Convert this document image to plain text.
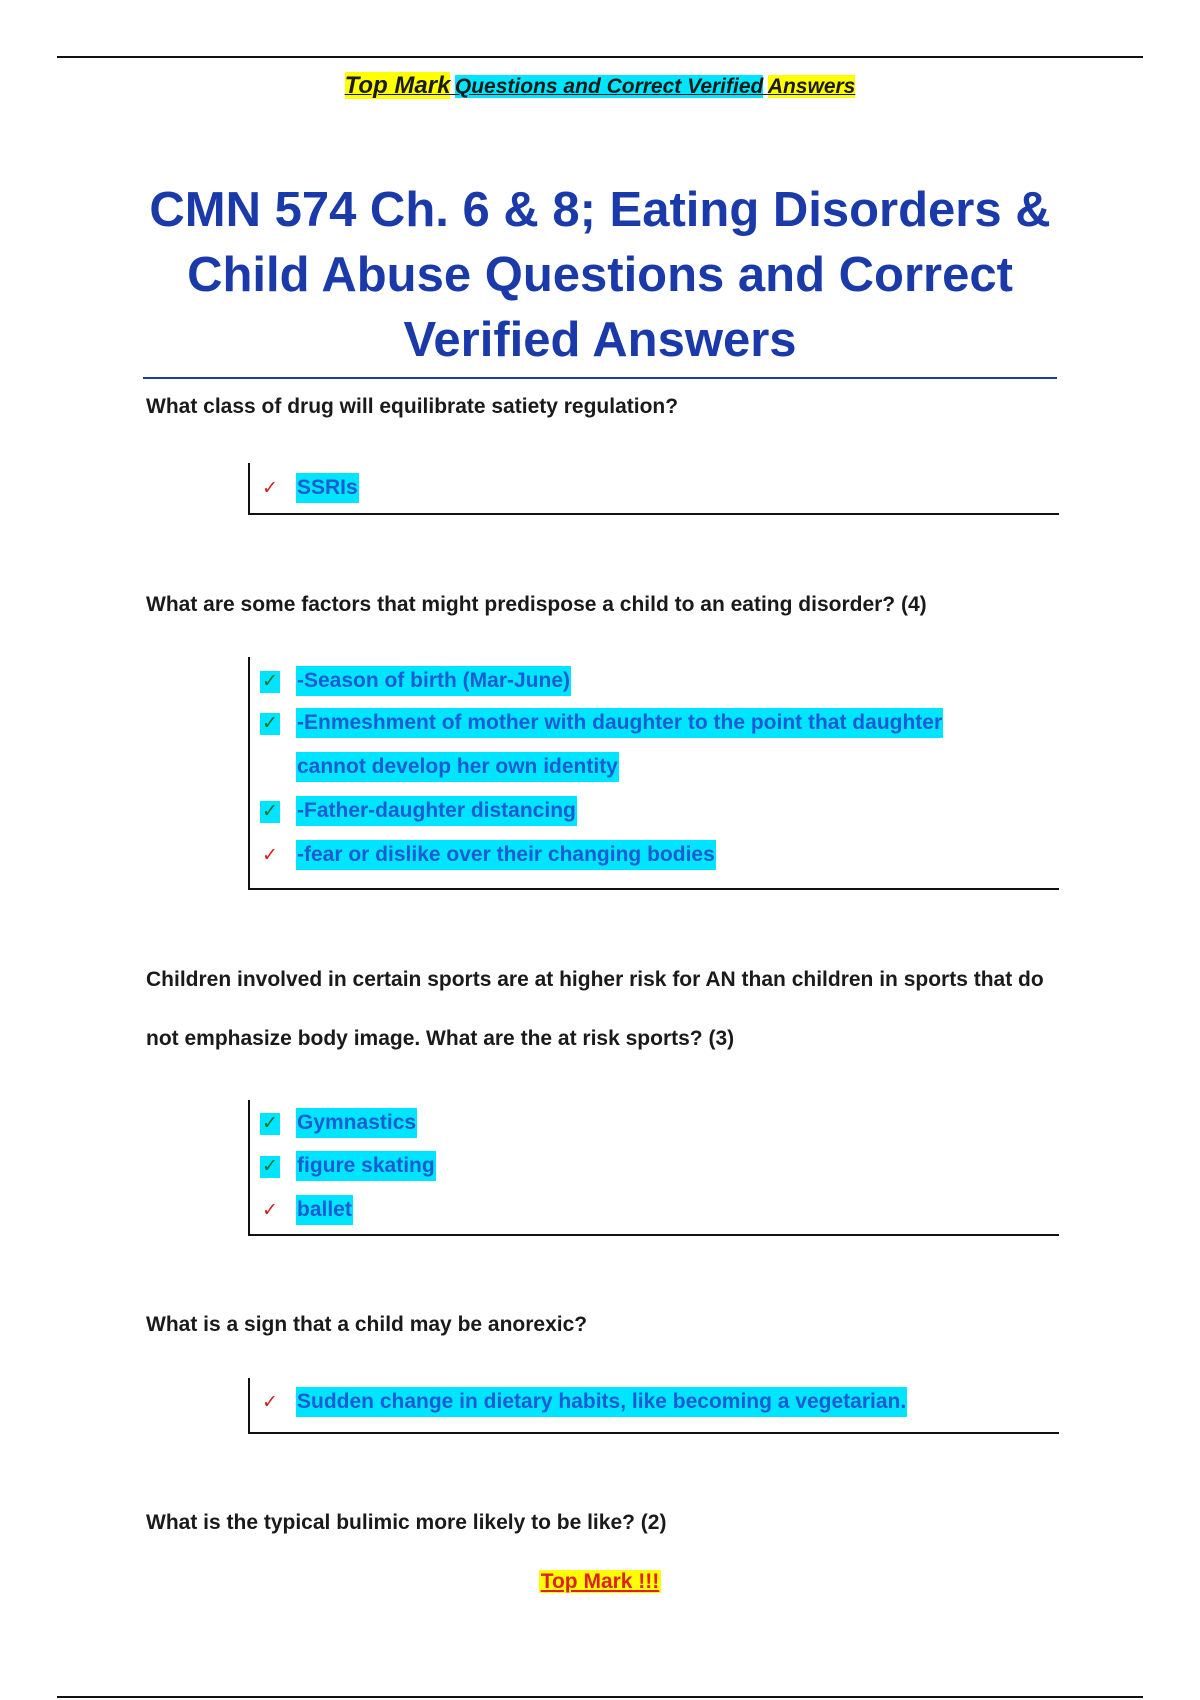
Top Mark Questions and Correct Verified Answers
CMN 574 Ch. 6 & 8; Eating Disorders & Child Abuse Questions and Correct Verified Answers
What class of drug will equilibrate satiety regulation?
✓ SSRIs
What are some factors that might predispose a child to an eating disorder? (4)
✓ -Season of birth (Mar-June)
✓ -Enmeshment of mother with daughter to the point that daughter
cannot develop her own identity
✓ -Father-daughter distancing
✓ -fear or dislike over their changing bodies
Children involved in certain sports are at higher risk for AN than children in sports that do not emphasize body image. What are the at risk sports? (3)
✓ Gymnastics
✓ figure skating
✓ ballet
What is a sign that a child may be anorexic?
✓ Sudden change in dietary habits, like becoming a vegetarian.
What is the typical bulimic more likely to be like? (2)
Top Mark !!!
